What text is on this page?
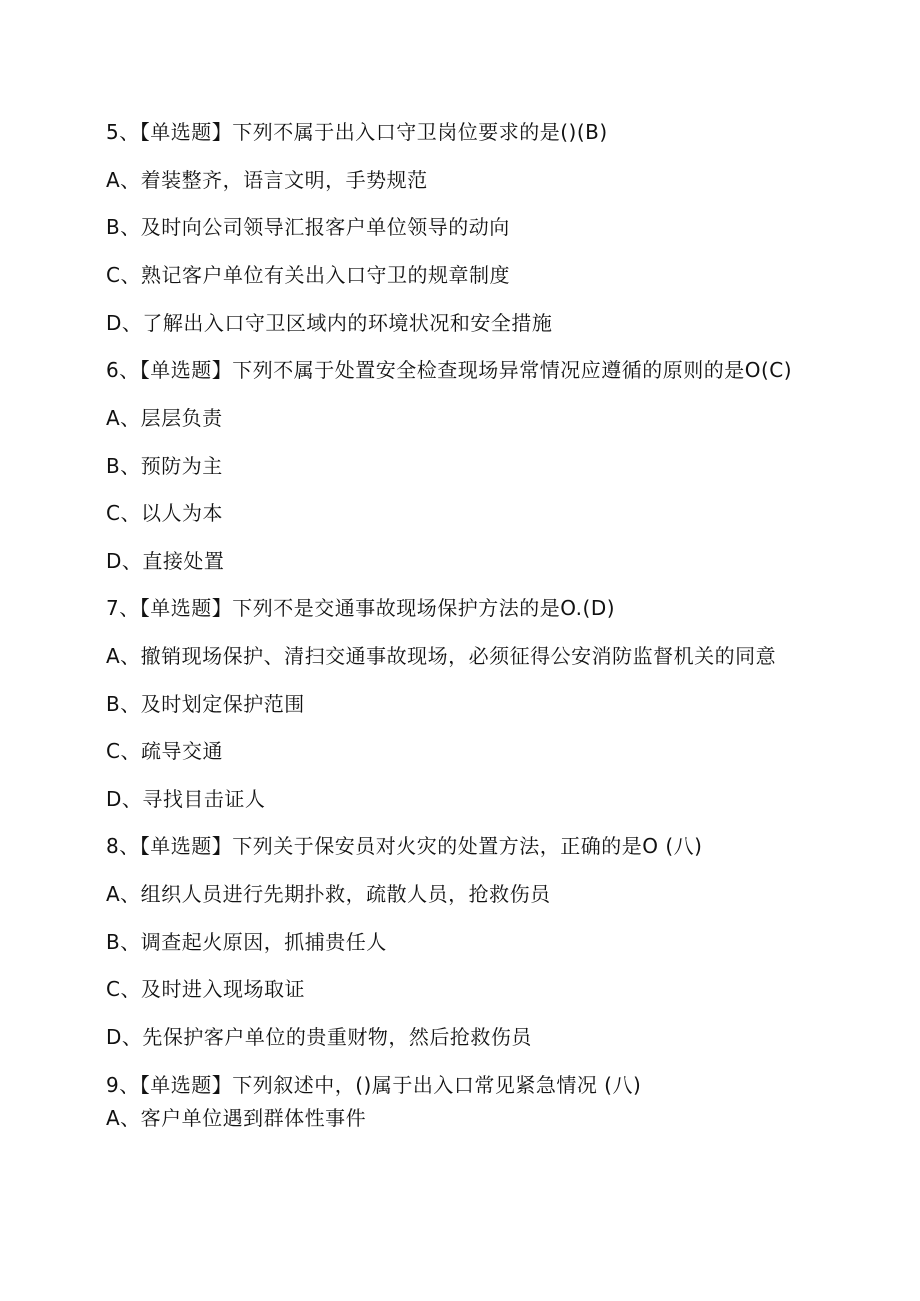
5、【单选题】下列不属于出入口守卫岗位要求的是()(B)
A、着装整齐，语言文明，手势规范
B、及时向公司领导汇报客户单位领导的动向
C、熟记客户单位有关出入口守卫的规章制度
D、了解出入口守卫区域内的环境状况和安全措施
6、【单选题】下列不属于处置安全检查现场异常情况应遵循的原则的是O(C)
A、层层负责
B、预防为主
C、以人为本
D、直接处置
7、【单选题】下列不是交通事故现场保护方法的是O.(D)
A、撤销现场保护、清扫交通事故现场，必须征得公安消防监督机关的同意
B、及时划定保护范围
C、疏导交通
D、寻找目击证人
8、【单选题】下列关于保安员对火灾的处置方法，正确的是O (八)
A、组织人员进行先期扑救，疏散人员，抢救伤员
B、调查起火原因，抓捕贵任人
C、及时进入现场取证
D、先保护客户单位的贵重财物，然后抢救伤员
9、【单选题】下列叙述中，()属于出入口常见紧急情况 (八)
A、客户单位遇到群体性事件
